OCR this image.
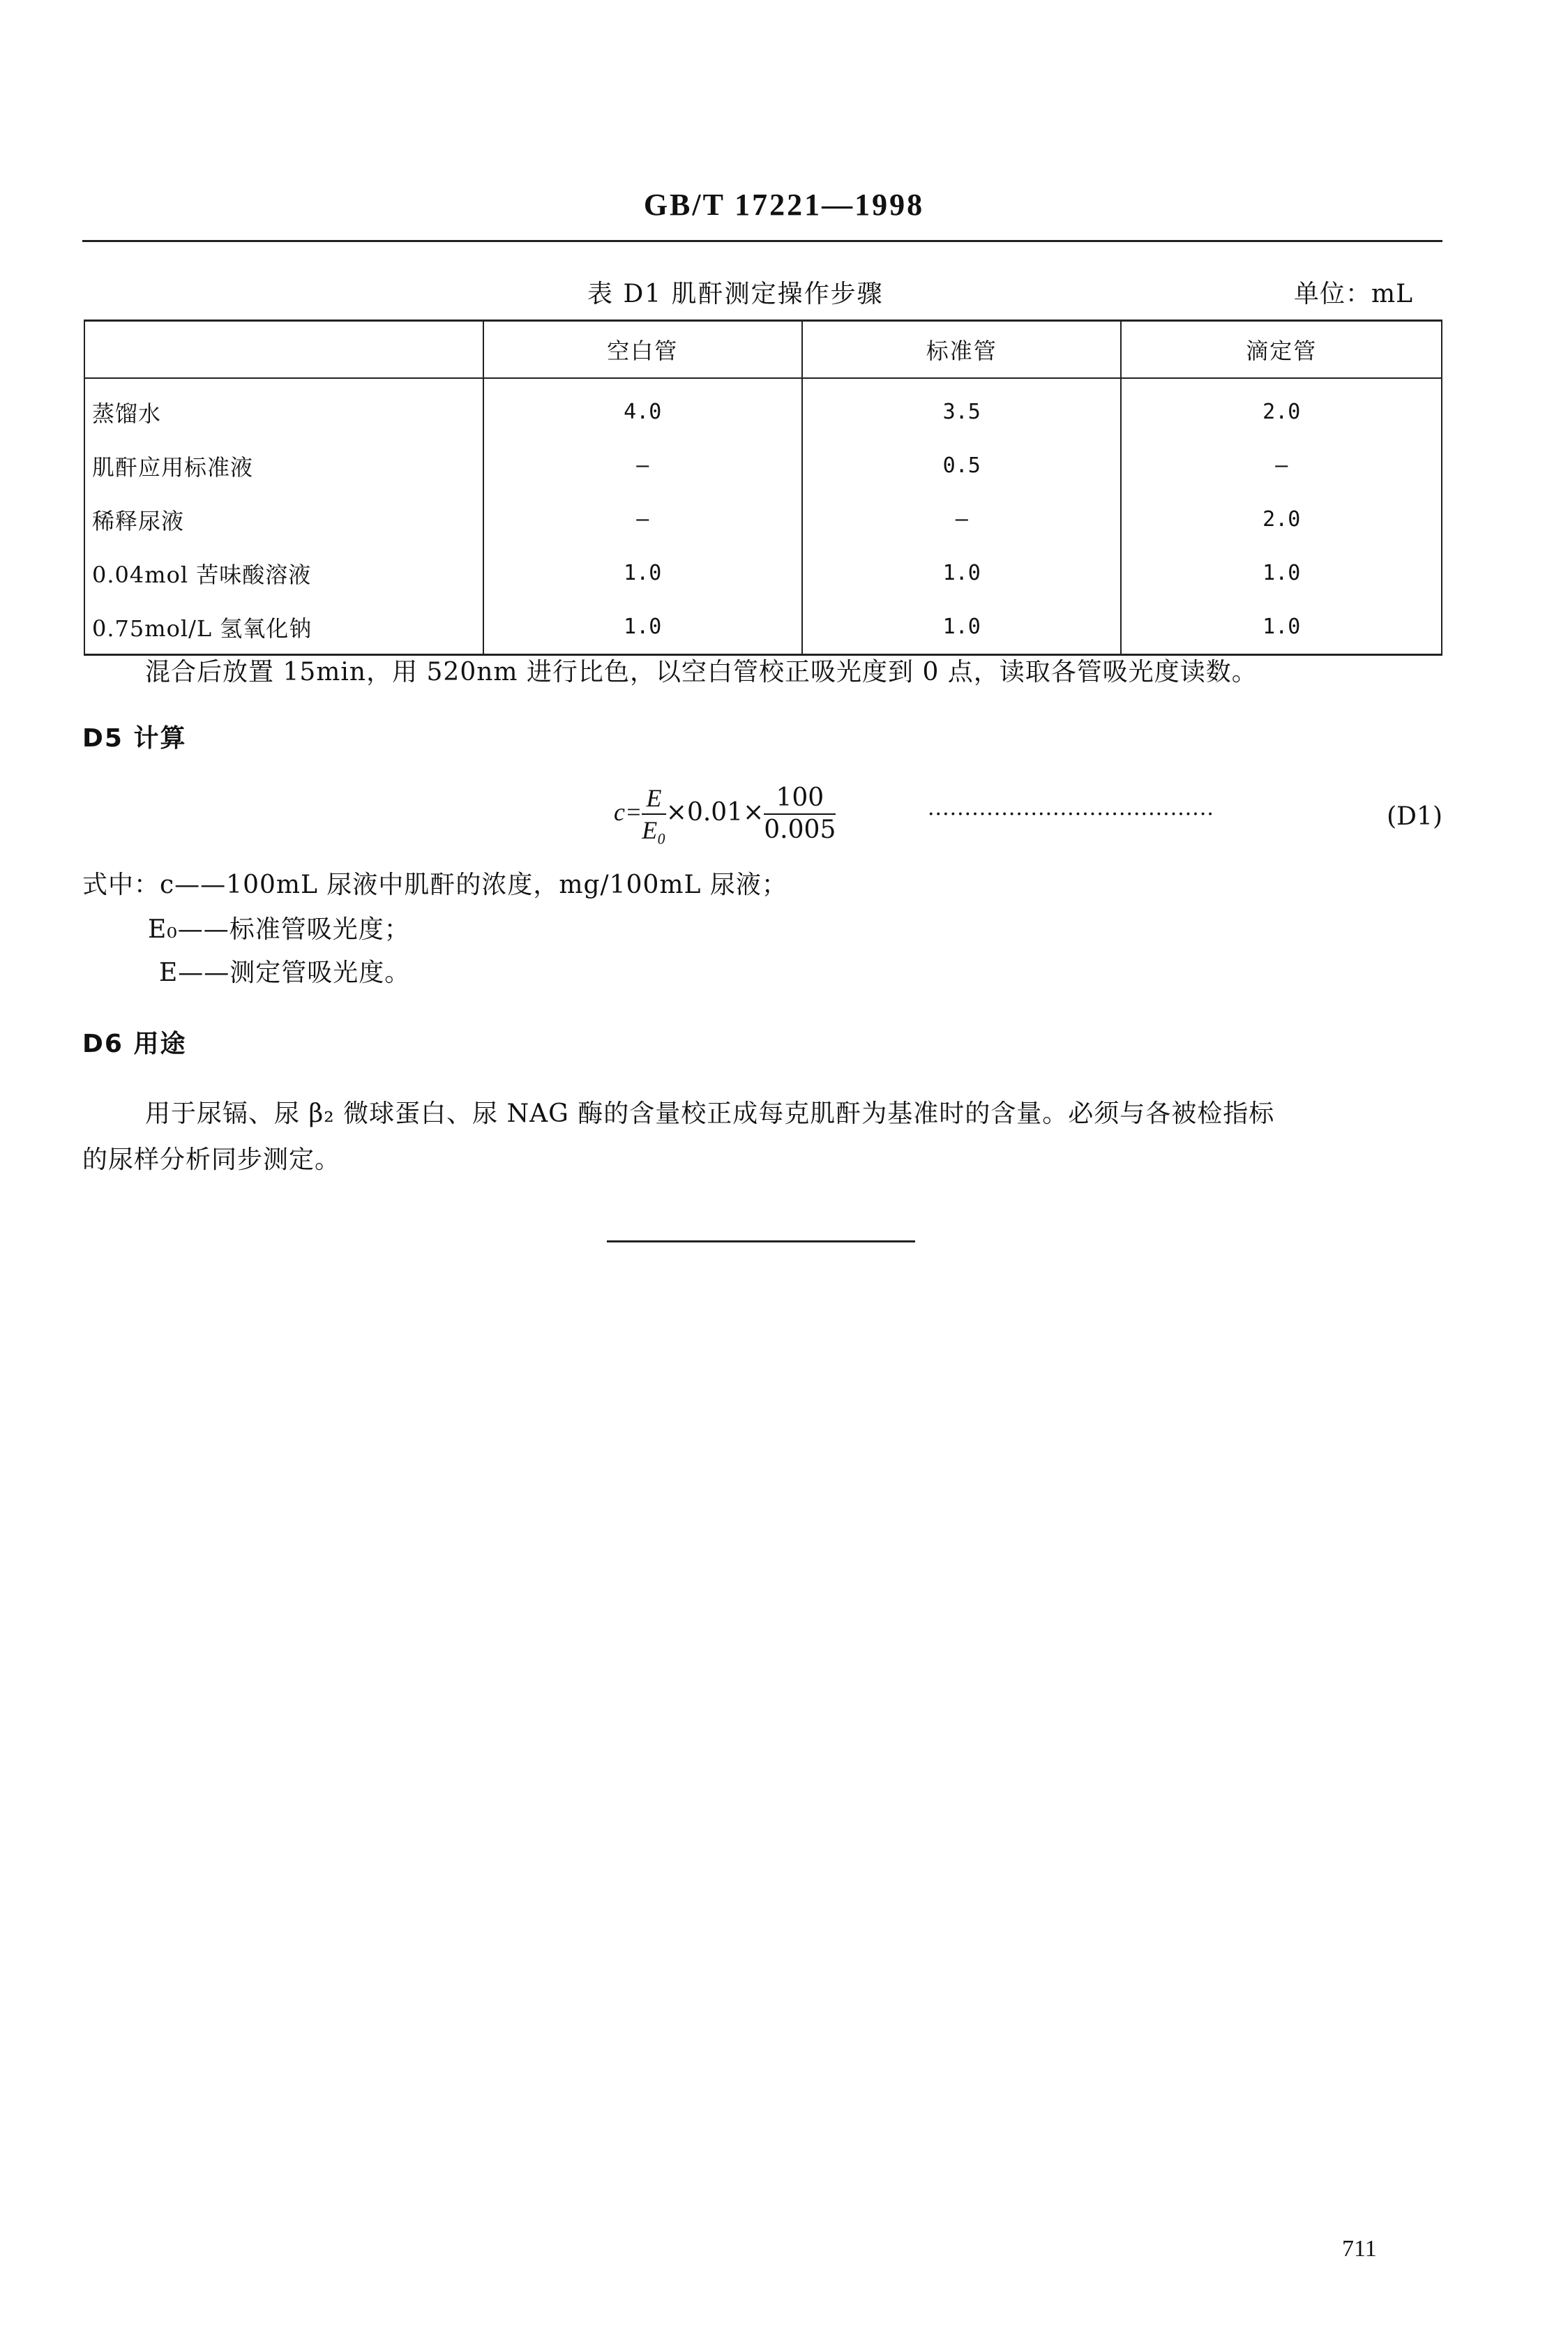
GB/T 17221—1998
表 D1 肌酐测定操作步骤	单位：mL
	空白管	标准管	滴定管
蒸馏水	4.0	3.5	2.0
肌酐应用标准液	—	0.5	—
稀释尿液	—	—	2.0
0.04mol 苦味酸溶液	1.0	1.0	1.0
0.75mol/L 氢氧化钠	1.0	1.0	1.0
混合后放置 15min，用 520nm 进行比色，以空白管校正吸光度到 0 点，读取各管吸光度读数。
D5 计算
$c= \frac{E}{\text{E₀}} \times 0.01\times \frac{100}{0.005}$	·······································	(D1)
式中：c——100mL 尿液中肌酐的浓度，mg/100mL 尿液；
E₀——标准管吸光度；
E——测定管吸光度。
D6 用途
用于尿镉、尿 β₂ 微球蛋白、尿 NAG 酶的含量校正成每克肌酐为基准时的含量。必须与各被检指标
的尿样分析同步测定。
711
